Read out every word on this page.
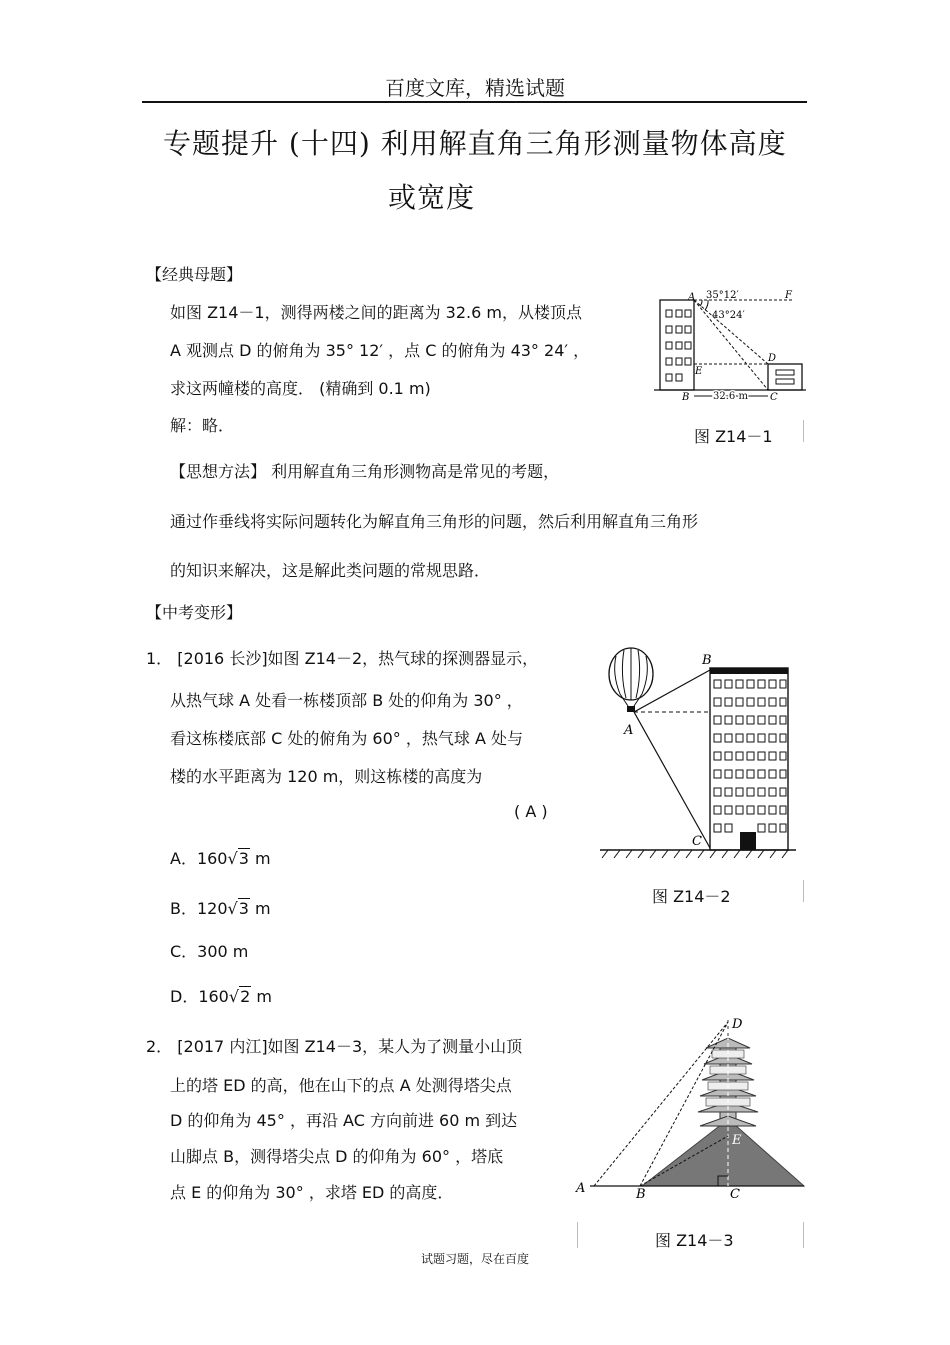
百度文库，精选试题
专题提升 (十四) 利用解直角三角形测量物体高度
或宽度
【经典母题】
如图 Z14－1，测得两楼之间的距离为 32.6 m，从楼顶点
A 观测点 D 的俯角为 35° 12′ ，点 C 的俯角为 43° 24′ ，
求这两幢楼的高度． (精确到 0.1 m)
解：略．
A	F
35°12′
43°24′
D
E
B	C
32.6 m
图 Z14－1
【思想方法】 利用解直角三角形测物高是常见的考题，
通过作垂线将实际问题转化为解直角三角形的问题，然后利用解直角三角形
的知识来解决，这是解此类问题的常规思路．
【中考变形】
1． [2016 长沙]如图 Z14－2，热气球的探测器显示，
从热气球 A 处看一栋楼顶部 B 处的仰角为 30° ，
看这栋楼底部 C 处的俯角为 60° ，热气球 A 处与
楼的水平距离为 120 m，则这栋楼的高度为
( A )
A．160√3 m
B．120√3 m
C．300 m
D．160√2 m
B
A
C
图 Z14－2
2． [2017 内江]如图 Z14－3，某人为了测量小山顶
上的塔 ED 的高，他在山下的点 A 处测得塔尖点
D 的仰角为 45° ，再沿 AC 方向前进 60 m 到达
山脚点 B，测得塔尖点 D 的仰角为 60° ，塔底
点 E 的仰角为 30° ，求塔 ED 的高度．
D
E
A	B	C
图 Z14－3
试题习题，尽在百度
